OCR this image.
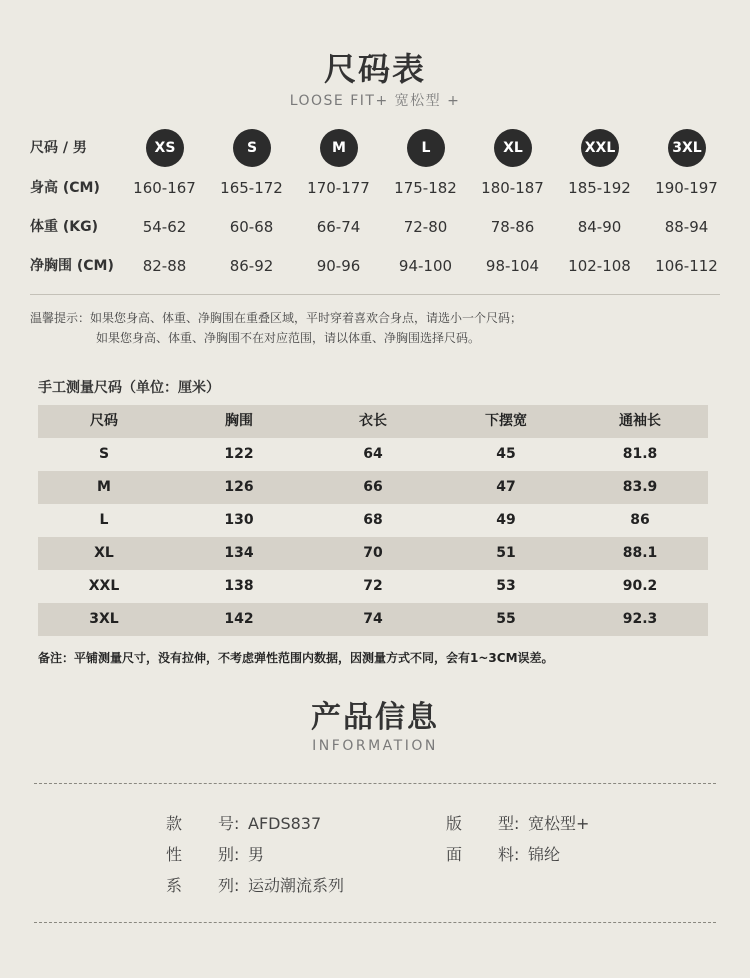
尺码表
LOOSE FIT+ 宽松型 +
尺码 / 男	XS	S	M	L	XL	XXL	3XL
身高 (CM)	160-167	165-172	170-177	175-182	180-187	185-192	190-197
体重 (KG)	54-62	60-68	66-74	72-80	78-86	84-90	88-94
净胸围 (CM)	82-88	86-92	90-96	94-100	98-104	102-108	106-112
温馨提示：如果您身高、体重、净胸围在重叠区域，平时穿着喜欢合身点，请选小一个尺码；
如果您身高、体重、净胸围不在对应范围，请以体重、净胸围选择尺码。
手工测量尺码（单位：厘米）
尺码	胸围	衣长	下摆宽	通袖长
S	122	64	45	81.8
M	126	66	47	83.9
L	130	68	49	86
XL	134	70	51	88.1
XXL	138	72	53	90.2
3XL	142	74	55	92.3
备注：平铺测量尺寸，没有拉伸，不考虑弹性范围内数据，因测量方式不同，会有1~3CM误差。
产品信息
INFORMATION
款号: AFDS837	版型: 宽松型+
性别: 男	面料: 锦纶
系列: 运动潮流系列
